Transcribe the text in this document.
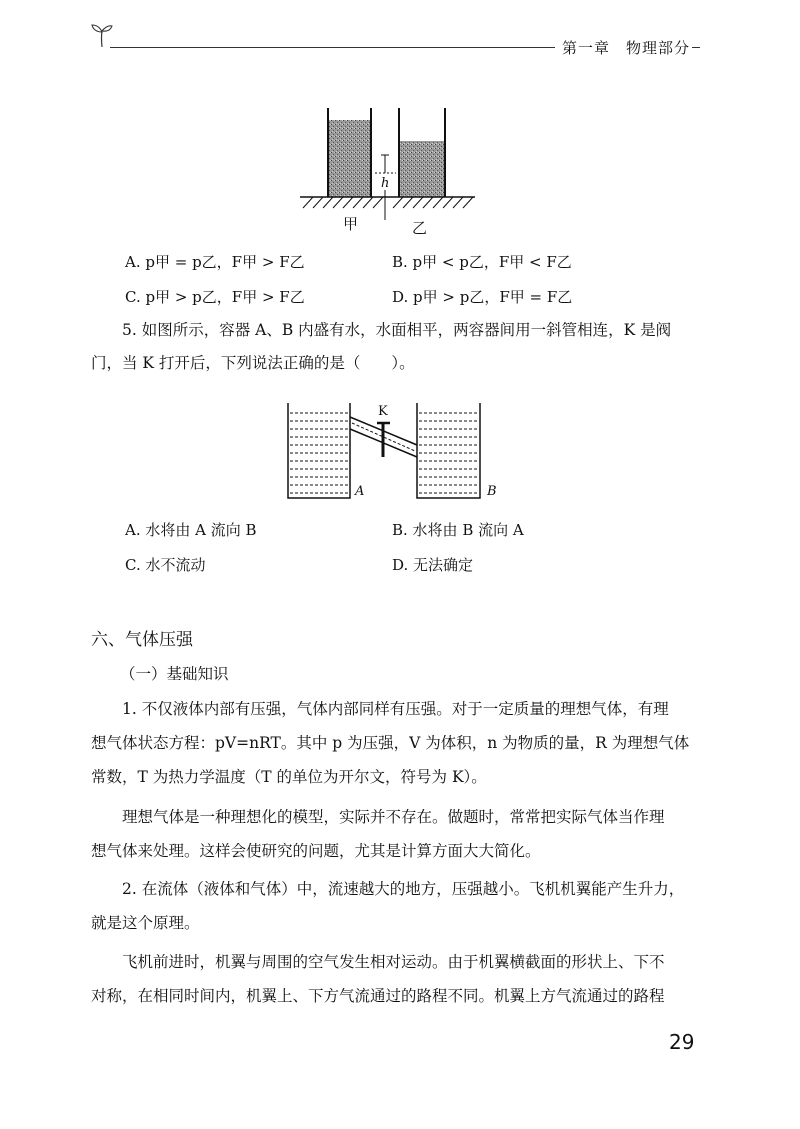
第一章　物理部分
h
甲	乙
A. p甲 = p乙，F甲 > F乙	B. p甲 < p乙，F甲 < F乙
C. p甲 > p乙，F甲 > F乙	D. p甲 > p乙，F甲 = F乙
5. 如图所示，容器 A、B 内盛有水，水面相平，两容器间用一斜管相连，K 是阀
门，当 K 打开后，下列说法正确的是（　　）。
K
A	B
A. 水将由 A 流向 B	B. 水将由 B 流向 A
C. 水不流动	D. 无法确定
六、气体压强
（一）基础知识
1. 不仅液体内部有压强，气体内部同样有压强。对于一定质量的理想气体，有理
想气体状态方程：pV=nRT。其中 p 为压强，V 为体积，n 为物质的量，R 为理想气体
常数，T 为热力学温度（T 的单位为开尔文，符号为 K）。
理想气体是一种理想化的模型，实际并不存在。做题时，常常把实际气体当作理
想气体来处理。这样会使研究的问题，尤其是计算方面大大简化。
2. 在流体（液体和气体）中，流速越大的地方，压强越小。飞机机翼能产生升力，
就是这个原理。
飞机前进时，机翼与周围的空气发生相对运动。由于机翼横截面的形状上、下不
对称，在相同时间内，机翼上、下方气流通过的路程不同。机翼上方气流通过的路程
29
